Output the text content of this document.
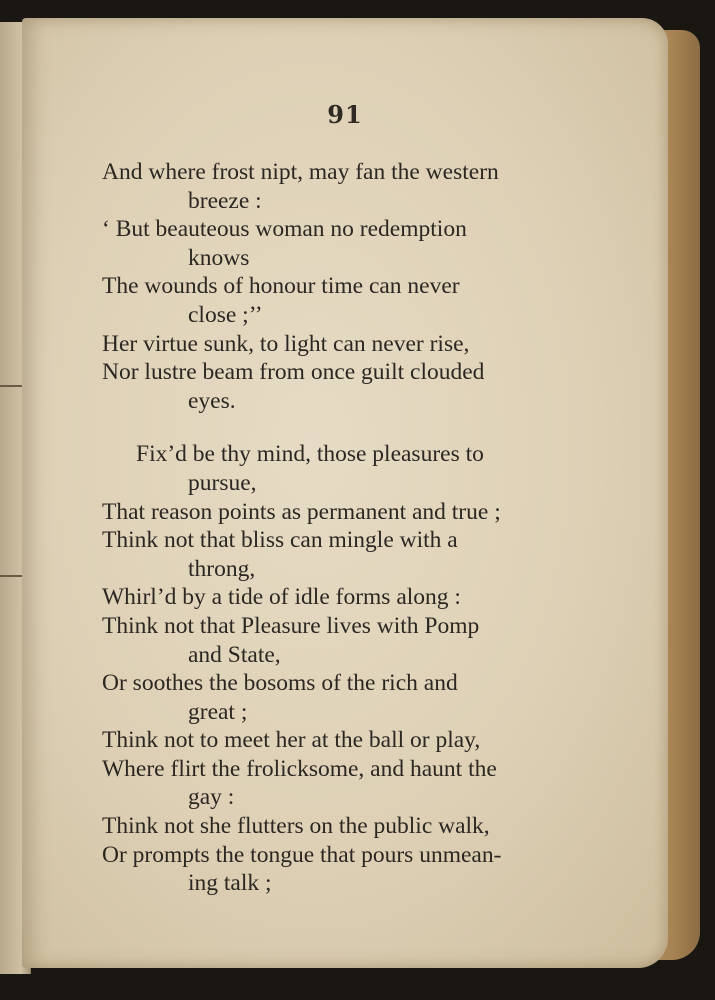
91
And where frost nipt, may fan the western
breeze :
‘ But beauteous woman no redemption
knows
The wounds of honour time can never
close ;’’
Her virtue sunk, to light can never rise,
Nor lustre beam from once guilt clouded
eyes.
Fix’d be thy mind, those pleasures to
pursue,
That reason points as permanent and true ;
Think not that bliss can mingle with a
throng,
Whirl’d by a tide of idle forms along :
Think not that Pleasure lives with Pomp
and State,
Or soothes the bosoms of the rich and
great ;
Think not to meet her at the ball or play,
Where flirt the frolicksome, and haunt the
gay :
Think not she flutters on the public walk,
Or prompts the tongue that pours unmean-
ing talk ;
